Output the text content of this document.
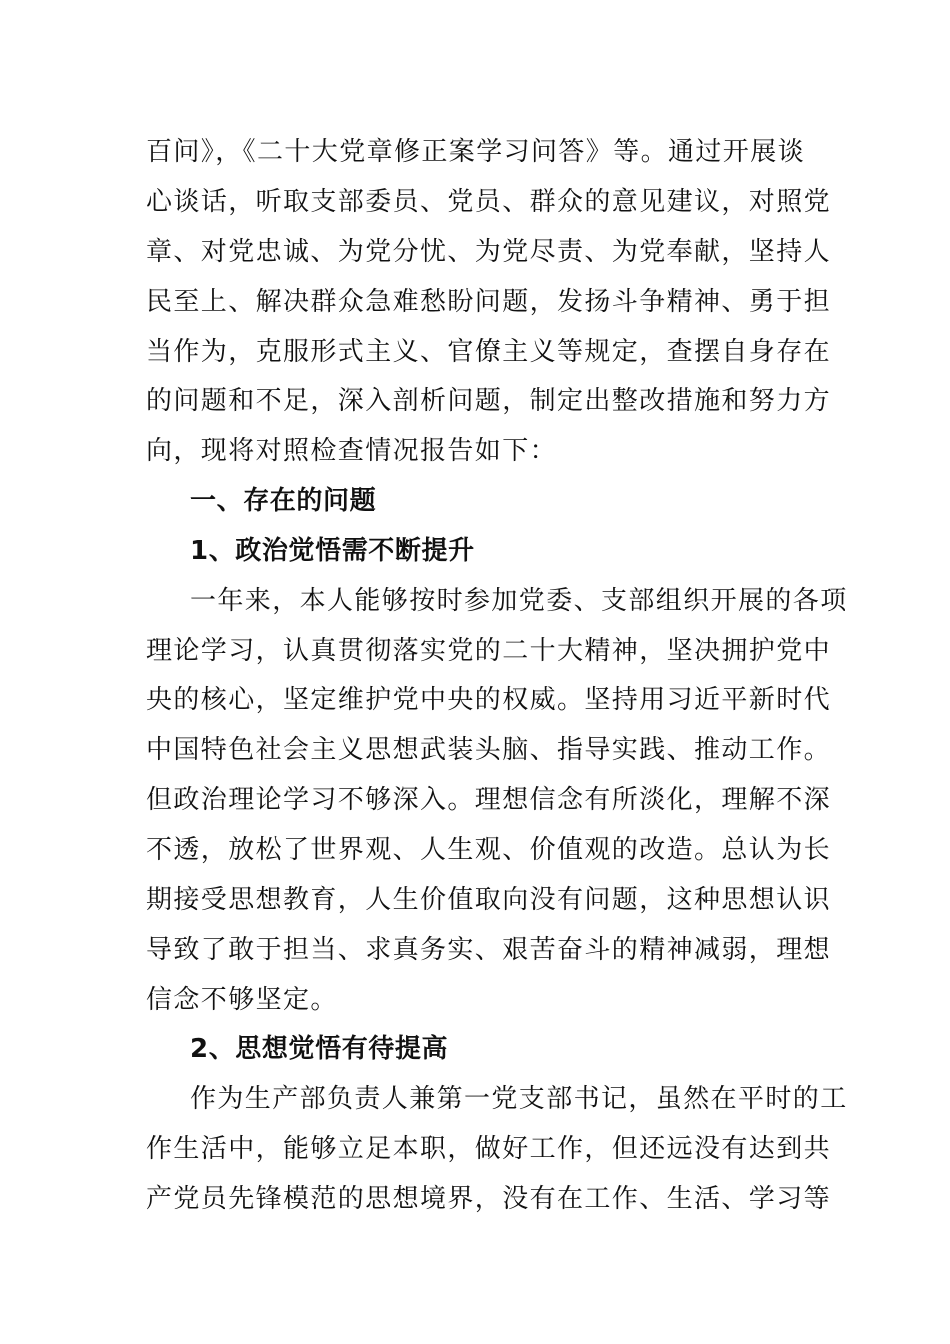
百问》，《二十大党章修正案学习问答》等。通过开展谈
心谈话，听取支部委员、党员、群众的意见建议，对照党
章、对党忠诚、为党分忧、为党尽责、为党奉献，坚持人
民至上、解决群众急难愁盼问题，发扬斗争精神、勇于担
当作为，克服形式主义、官僚主义等规定，查摆自身存在
的问题和不足，深入剖析问题，制定出整改措施和努力方
向，现将对照检查情况报告如下：
一、存在的问题
1、政治觉悟需不断提升
一年来，本人能够按时参加党委、支部组织开展的各项
理论学习，认真贯彻落实党的二十大精神，坚决拥护党中
央的核心，坚定维护党中央的权威。坚持用习近平新时代
中国特色社会主义思想武装头脑、指导实践、推动工作。
但政治理论学习不够深入。理想信念有所淡化，理解不深
不透，放松了世界观、人生观、价值观的改造。总认为长
期接受思想教育，人生价值取向没有问题，这种思想认识
导致了敢于担当、求真务实、艰苦奋斗的精神减弱，理想
信念不够坚定。
2、思想觉悟有待提高
作为生产部负责人兼第一党支部书记，虽然在平时的工
作生活中，能够立足本职，做好工作，但还远没有达到共
产党员先锋模范的思想境界，没有在工作、生活、学习等
